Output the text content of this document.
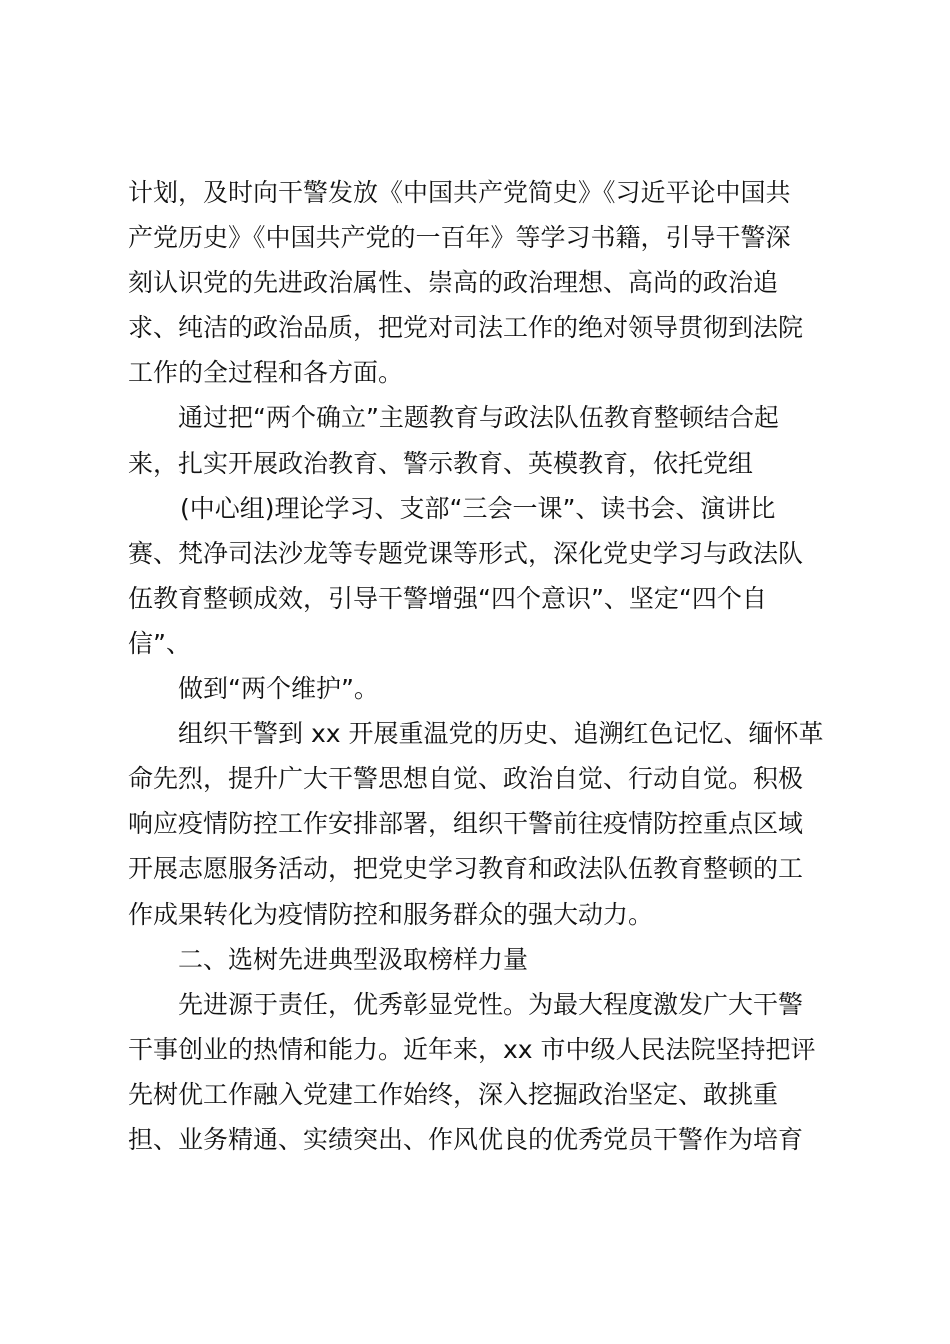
计划，及时向干警发放《中国共产党简史》《习近平论中国共
产党历史》《中国共产党的一百年》等学习书籍，引导干警深
刻认识党的先进政治属性、崇高的政治理想、高尚的政治追
求、纯洁的政治品质，把党对司法工作的绝对领导贯彻到法院
工作的全过程和各方面。
通过把“两个确立”主题教育与政法队伍教育整顿结合起
来，扎实开展政治教育、警示教育、英模教育，依托党组
(中心组)理论学习、支部“三会一课”、读书会、演讲比
赛、梵净司法沙龙等专题党课等形式，深化党史学习与政法队
伍教育整顿成效，引导干警增强“四个意识”、坚定“四个自
信”、
做到“两个维护”。
组织干警到 xx 开展重温党的历史、追溯红色记忆、缅怀革
命先烈，提升广大干警思想自觉、政治自觉、行动自觉。积极
响应疫情防控工作安排部署，组织干警前往疫情防控重点区域
开展志愿服务活动，把党史学习教育和政法队伍教育整顿的工
作成果转化为疫情防控和服务群众的强大动力。
二、选树先进典型汲取榜样力量
先进源于责任，优秀彰显党性。为最大程度激发广大干警
干事创业的热情和能力。近年来，xx 市中级人民法院坚持把评
先树优工作融入党建工作始终，深入挖掘政治坚定、敢挑重
担、业务精通、实绩突出、作风优良的优秀党员干警作为培育
